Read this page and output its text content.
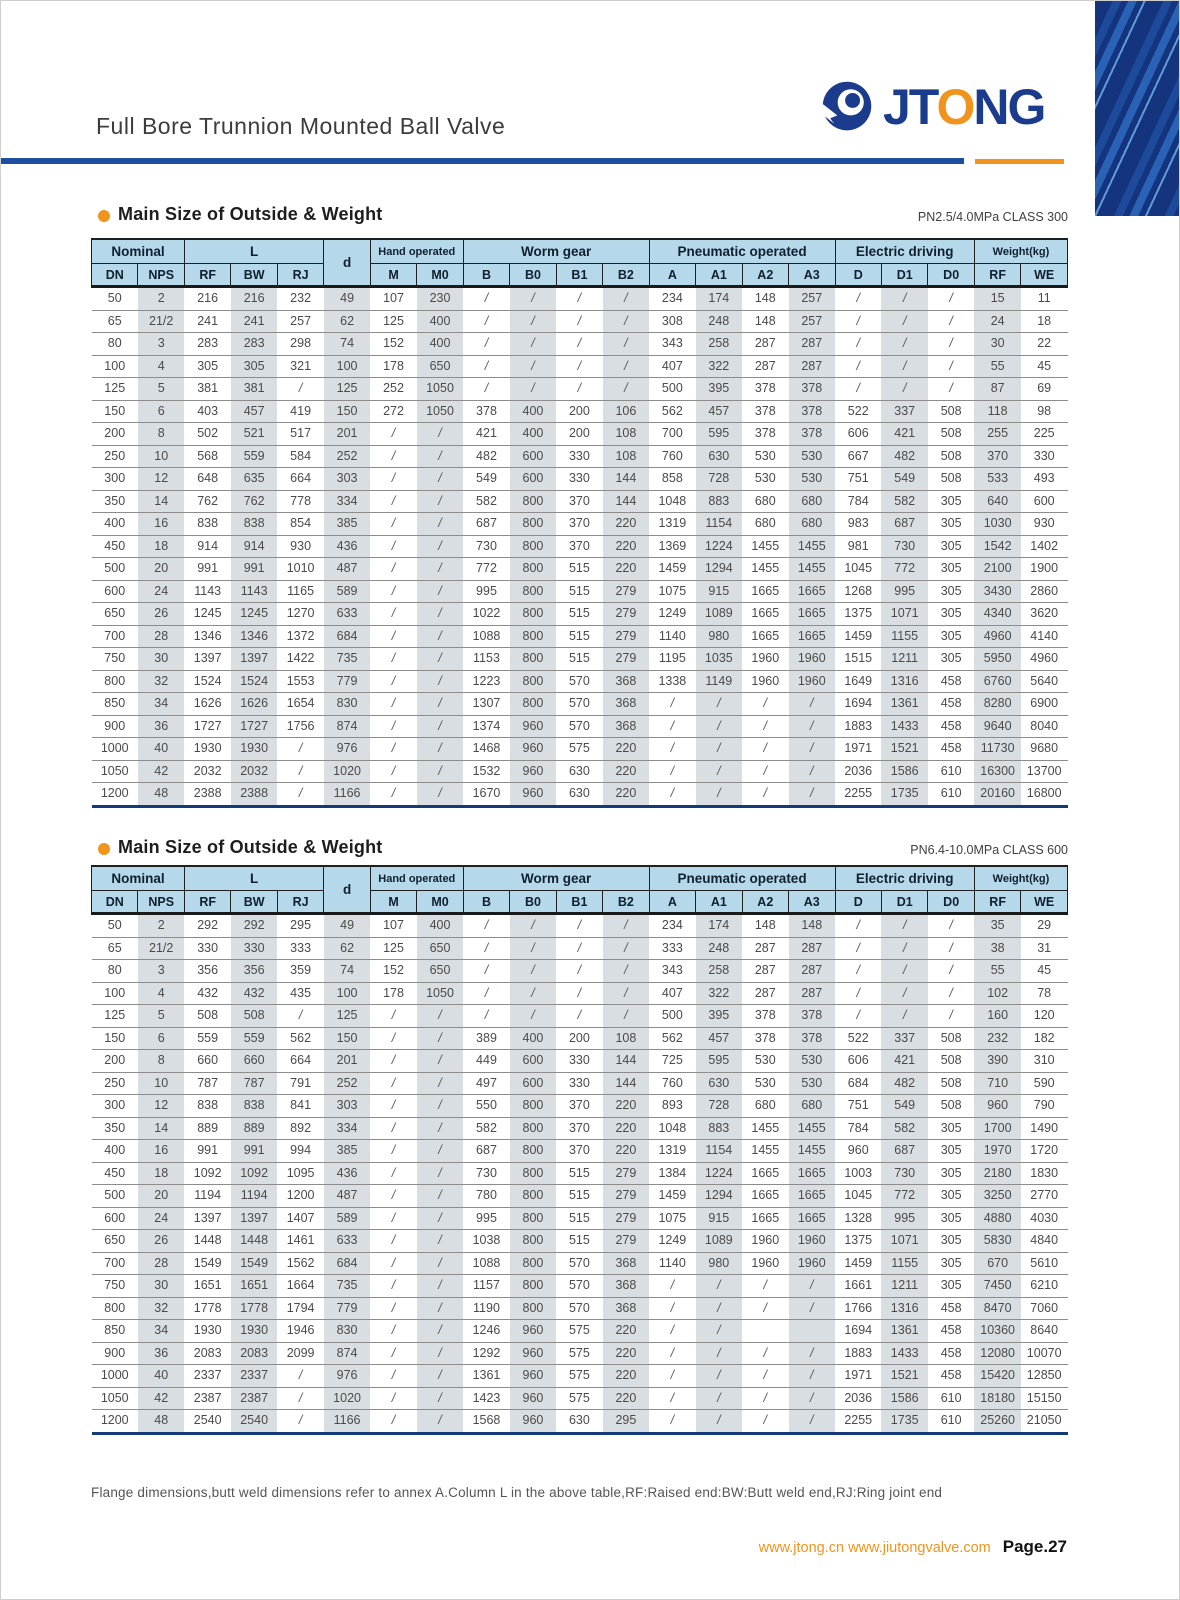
JTONG
Full Bore Trunnion Mounted Ball Valve
Main Size of Outside & Weight	PN2.5/4.0MPa CLASS 300
Nominal		L			d	Hand operated		Worm gear				Pneumatic operated				Electric driving			Weight(kg)	
DN	NPS	RF	BW	RJ		M	M0	B	B0	B1	B2	A	A1	A2	A3	D	D1	D0	RF	WE
50	2	216	216	232	49	107	230	/	/	/	/	234	174	148	257	/	/	/	15	11
65	21/2	241	241	257	62	125	400	/	/	/	/	308	248	148	257	/	/	/	24	18
80	3	283	283	298	74	152	400	/	/	/	/	343	258	287	287	/	/	/	30	22
100	4	305	305	321	100	178	650	/	/	/	/	407	322	287	287	/	/	/	55	45
125	5	381	381	/	125	252	1050	/	/	/	/	500	395	378	378	/	/	/	87	69
150	6	403	457	419	150	272	1050	378	400	200	106	562	457	378	378	522	337	508	118	98
200	8	502	521	517	201	/	/	421	400	200	108	700	595	378	378	606	421	508	255	225
250	10	568	559	584	252	/	/	482	600	330	108	760	630	530	530	667	482	508	370	330
300	12	648	635	664	303	/	/	549	600	330	144	858	728	530	530	751	549	508	533	493
350	14	762	762	778	334	/	/	582	800	370	144	1048	883	680	680	784	582	305	640	600
400	16	838	838	854	385	/	/	687	800	370	220	1319	1154	680	680	983	687	305	1030	930
450	18	914	914	930	436	/	/	730	800	370	220	1369	1224	1455	1455	981	730	305	1542	1402
500	20	991	991	1010	487	/	/	772	800	515	220	1459	1294	1455	1455	1045	772	305	2100	1900
600	24	1143	1143	1165	589	/	/	995	800	515	279	1075	915	1665	1665	1268	995	305	3430	2860
650	26	1245	1245	1270	633	/	/	1022	800	515	279	1249	1089	1665	1665	1375	1071	305	4340	3620
700	28	1346	1346	1372	684	/	/	1088	800	515	279	1140	980	1665	1665	1459	1155	305	4960	4140
750	30	1397	1397	1422	735	/	/	1153	800	515	279	1195	1035	1960	1960	1515	1211	305	5950	4960
800	32	1524	1524	1553	779	/	/	1223	800	570	368	1338	1149	1960	1960	1649	1316	458	6760	5640
850	34	1626	1626	1654	830	/	/	1307	800	570	368	/	/	/	/	1694	1361	458	8280	6900
900	36	1727	1727	1756	874	/	/	1374	960	570	368	/	/	/	/	1883	1433	458	9640	8040
1000	40	1930	1930	/	976	/	/	1468	960	575	220	/	/	/	/	1971	1521	458	11730	9680
1050	42	2032	2032	/	1020	/	/	1532	960	630	220	/	/	/	/	2036	1586	610	16300	13700
1200	48	2388	2388	/	1166	/	/	1670	960	630	220	/	/	/	/	2255	1735	610	20160	16800
Main Size of Outside & Weight	PN6.4-10.0MPa CLASS 600
Nominal		L			d	Hand operated		Worm gear				Pneumatic operated				Electric driving			Weight(kg)	
DN	NPS	RF	BW	RJ		M	M0	B	B0	B1	B2	A	A1	A2	A3	D	D1	D0	RF	WE
50	2	292	292	295	49	107	400	/	/	/	/	234	174	148	148	/	/	/	35	29
65	21/2	330	330	333	62	125	650	/	/	/	/	333	248	287	287	/	/	/	38	31
80	3	356	356	359	74	152	650	/	/	/	/	343	258	287	287	/	/	/	55	45
100	4	432	432	435	100	178	1050	/	/	/	/	407	322	287	287	/	/	/	102	78
125	5	508	508	/	125	/	/	/	/	/	/	500	395	378	378	/	/	/	160	120
150	6	559	559	562	150	/	/	389	400	200	108	562	457	378	378	522	337	508	232	182
200	8	660	660	664	201	/	/	449	600	330	144	725	595	530	530	606	421	508	390	310
250	10	787	787	791	252	/	/	497	600	330	144	760	630	530	530	684	482	508	710	590
300	12	838	838	841	303	/	/	550	800	370	220	893	728	680	680	751	549	508	960	790
350	14	889	889	892	334	/	/	582	800	370	220	1048	883	1455	1455	784	582	305	1700	1490
400	16	991	991	994	385	/	/	687	800	370	220	1319	1154	1455	1455	960	687	305	1970	1720
450	18	1092	1092	1095	436	/	/	730	800	515	279	1384	1224	1665	1665	1003	730	305	2180	1830
500	20	1194	1194	1200	487	/	/	780	800	515	279	1459	1294	1665	1665	1045	772	305	3250	2770
600	24	1397	1397	1407	589	/	/	995	800	515	279	1075	915	1665	1665	1328	995	305	4880	4030
650	26	1448	1448	1461	633	/	/	1038	800	515	279	1249	1089	1960	1960	1375	1071	305	5830	4840
700	28	1549	1549	1562	684	/	/	1088	800	570	368	1140	980	1960	1960	1459	1155	305	670	5610
750	30	1651	1651	1664	735	/	/	1157	800	570	368	/	/	/	/	1661	1211	305	7450	6210
800	32	1778	1778	1794	779	/	/	1190	800	570	368	/	/	/	/	1766	1316	458	8470	7060
850	34	1930	1930	1946	830	/	/	1246	960	575	220	/	/			1694	1361	458	10360	8640
900	36	2083	2083	2099	874	/	/	1292	960	575	220	/	/	/	/	1883	1433	458	12080	10070
1000	40	2337	2337	/	976	/	/	1361	960	575	220	/	/	/	/	1971	1521	458	15420	12850
1050	42	2387	2387	/	1020	/	/	1423	960	575	220	/	/	/	/	2036	1586	610	18180	15150
1200	48	2540	2540	/	1166	/	/	1568	960	630	295	/	/	/	/	2255	1735	610	25260	21050

Flange dimensions,butt weld dimensions refer to annex A.Column L in the above table,RF:Raised end:BW:Butt weld end,RJ:Ring joint end

www.jtong.cn www.jiutongvalve.com Page.27
